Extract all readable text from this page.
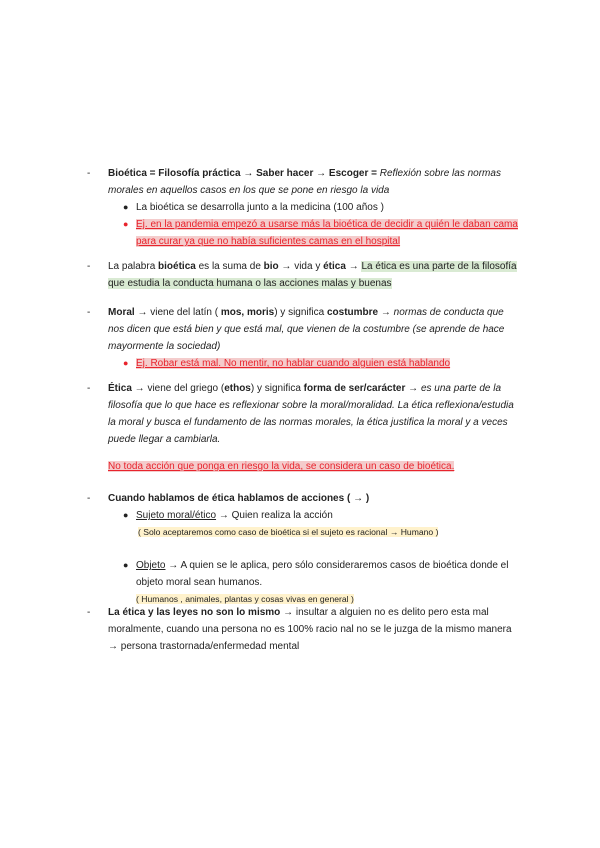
-	Bioética = Filosofía práctica → Saber hacer → Escoger = Reflexión sobre las normas morales en aquellos casos en los que se pone en riesgo la vida
● La bioética se desarrolla junto a la medicina (100 años )
● Ej. en la pandemia empezó a usarse más la bioética de decidir a quién le daban cama para curar ya que no había suficientes camas en el hospital
-	La palabra bioética es la suma de bio → vida y ética → La ética es una parte de la filosofía que estudia la conducta humana o las acciones malas y buenas
-	Moral → viene del latín ( mos, moris) y significa costumbre → normas de conducta que nos dicen que está bien y que está mal, que vienen de la costumbre (se aprende de hace mayormente la sociedad)
● Ej. Robar está mal. No mentir, no hablar cuando alguien está hablando
-	Ética → viene del griego (ethos) y significa forma de ser/carácter → es una parte de la filosofía que lo que hace es reflexionar sobre la moral/moralidad. La ética reflexiona/estudia la moral y busca el fundamento de las normas morales, la ética justifica la moral y a veces puede llegar a cambiarla.
No toda acción que ponga en riesgo la vida, se considera un caso de bioética.
-	Cuando hablamos de ética hablamos de acciones ( → )
● Sujeto moral/ético → Quien realiza la acción
( Solo aceptaremos como caso de bioética si el sujeto es racional → Humano )
● Objeto → A quien se le aplica, pero sólo consideraremos casos de bioética donde el objeto moral sean humanos.
( Humanos , animales, plantas y cosas vivas en general )
-	La ética y las leyes no son lo mismo → insultar a alguien no es delito pero esta mal moralmente, cuando una persona no es 100% racio nal no se le juzga de la mismo manera → persona trastornada/enfermedad mental
